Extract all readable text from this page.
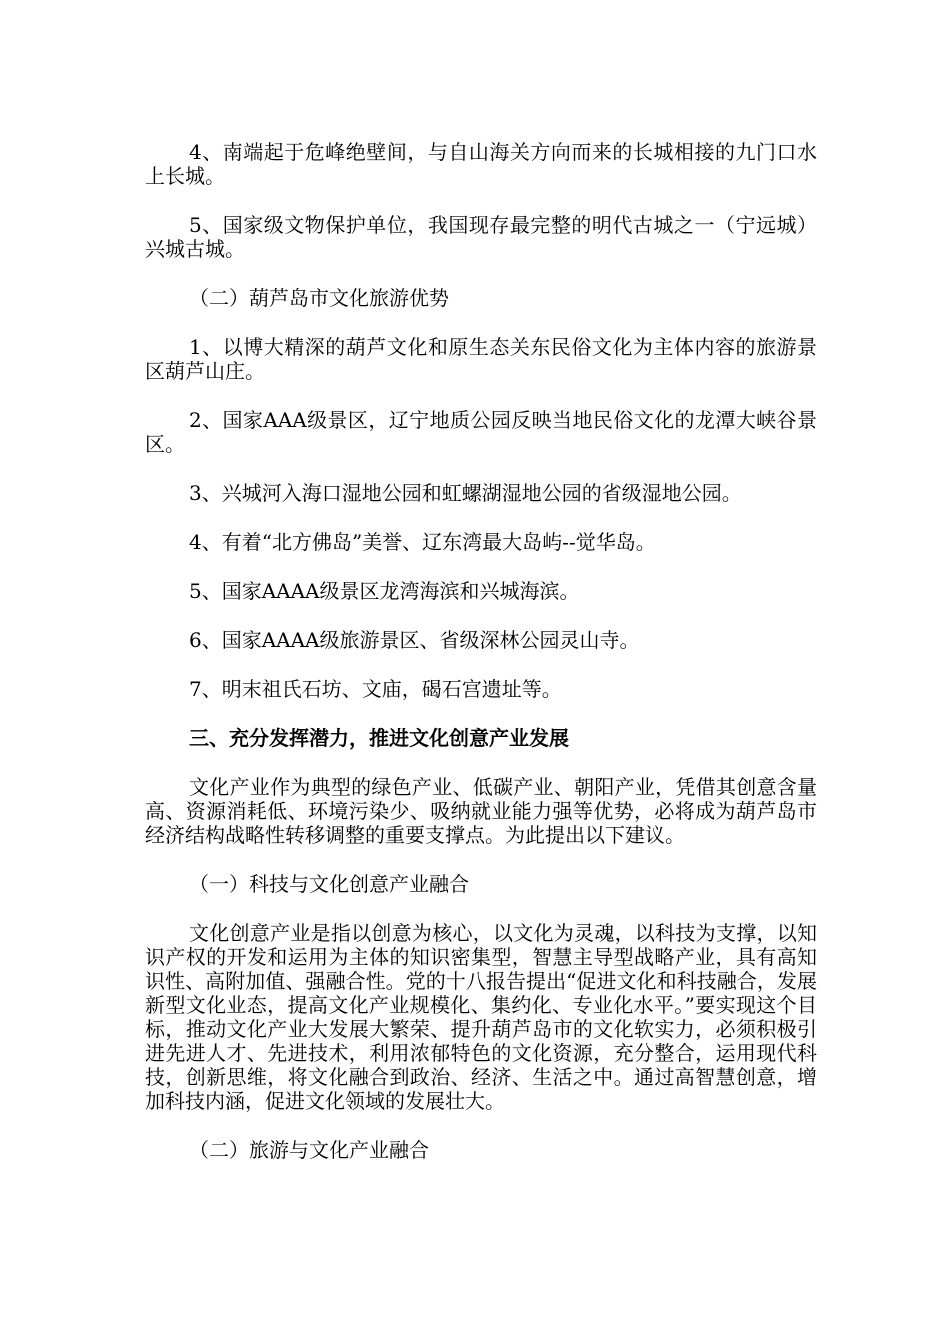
4、南端起于危峰绝壁间，与自山海关方向而来的长城相接的九门口水上长城。

5、国家级文物保护单位，我国现存最完整的明代古城之一（宁远城）兴城古城。

（二）葫芦岛市文化旅游优势

1、以博大精深的葫芦文化和原生态关东民俗文化为主体内容的旅游景区葫芦山庄。

2、国家AAA级景区，辽宁地质公园反映当地民俗文化的龙潭大峡谷景区。

3、兴城河入海口湿地公园和虹螺湖湿地公园的省级湿地公园。

4、有着“北方佛岛”美誉、辽东湾最大岛屿--觉华岛。

5、国家AAAA级景区龙湾海滨和兴城海滨。

6、国家AAAA级旅游景区、省级深林公园灵山寺。

7、明末祖氏石坊、文庙，碣石宫遗址等。

三、充分发挥潜力，推进文化创意产业发展

文化产业作为典型的绿色产业、低碳产业、朝阳产业，凭借其创意含量高、资源消耗低、环境污染少、吸纳就业能力强等优势，必将成为葫芦岛市经济结构战略性转移调整的重要支撑点。为此提出以下建议。

（一）科技与文化创意产业融合

文化创意产业是指以创意为核心，以文化为灵魂，以科技为支撑，以知识产权的开发和运用为主体的知识密集型，智慧主导型战略产业，具有高知识性、高附加值、强融合性。党的十八报告提出“促进文化和科技融合，发展新型文化业态，提高文化产业规模化、集约化、专业化水平。”要实现这个目标，推动文化产业大发展大繁荣、提升葫芦岛市的文化软实力，必须积极引进先进人才、先进技术，利用浓郁特色的文化资源，充分整合，运用现代科技，创新思维，将文化融合到政治、经济、生活之中。通过高智慧创意，增加科技内涵，促进文化领域的发展壮大。

（二）旅游与文化产业融合
